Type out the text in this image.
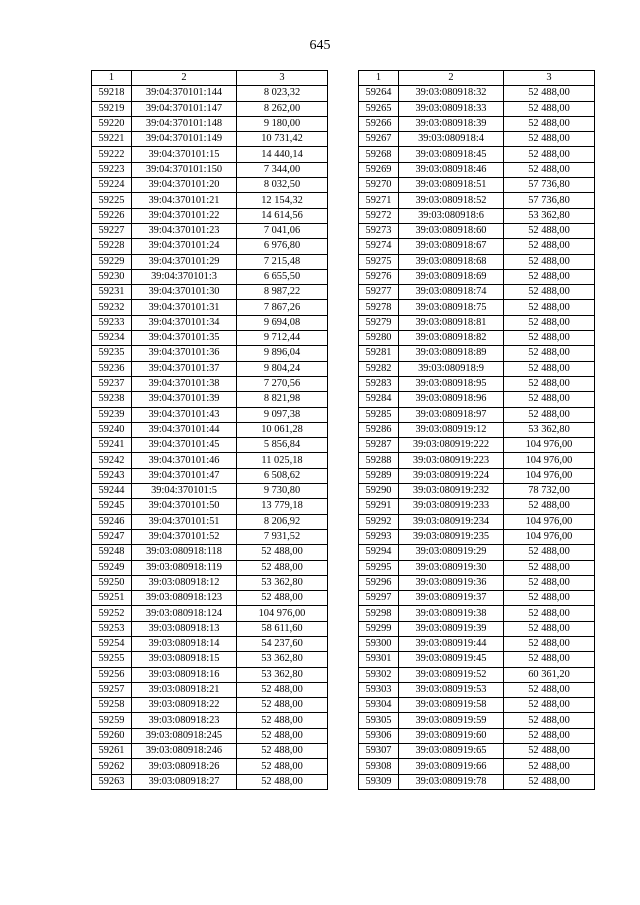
645
1	2	3
59218	39:04:370101:144	8 023,32
59219	39:04:370101:147	8 262,00
59220	39:04:370101:148	9 180,00
59221	39:04:370101:149	10 731,42
59222	39:04:370101:15	14 440,14
59223	39:04:370101:150	7 344,00
59224	39:04:370101:20	8 032,50
59225	39:04:370101:21	12 154,32
59226	39:04:370101:22	14 614,56
59227	39:04:370101:23	7 041,06
59228	39:04:370101:24	6 976,80
59229	39:04:370101:29	7 215,48
59230	39:04:370101:3	6 655,50
59231	39:04:370101:30	8 987,22
59232	39:04:370101:31	7 867,26
59233	39:04:370101:34	9 694,08
59234	39:04:370101:35	9 712,44
59235	39:04:370101:36	9 896,04
59236	39:04:370101:37	9 804,24
59237	39:04:370101:38	7 270,56
59238	39:04:370101:39	8 821,98
59239	39:04:370101:43	9 097,38
59240	39:04:370101:44	10 061,28
59241	39:04:370101:45	5 856,84
59242	39:04:370101:46	11 025,18
59243	39:04:370101:47	6 508,62
59244	39:04:370101:5	9 730,80
59245	39:04:370101:50	13 779,18
59246	39:04:370101:51	8 206,92
59247	39:04:370101:52	7 931,52
59248	39:03:080918:118	52 488,00
59249	39:03:080918:119	52 488,00
59250	39:03:080918:12	53 362,80
59251	39:03:080918:123	52 488,00
59252	39:03:080918:124	104 976,00
59253	39:03:080918:13	58 611,60
59254	39:03:080918:14	54 237,60
59255	39:03:080918:15	53 362,80
59256	39:03:080918:16	53 362,80
59257	39:03:080918:21	52 488,00
59258	39:03:080918:22	52 488,00
59259	39:03:080918:23	52 488,00
59260	39:03:080918:245	52 488,00
59261	39:03:080918:246	52 488,00
59262	39:03:080918:26	52 488,00
59263	39:03:080918:27	52 488,00
1	2	3
59264	39:03:080918:32	52 488,00
59265	39:03:080918:33	52 488,00
59266	39:03:080918:39	52 488,00
59267	39:03:080918:4	52 488,00
59268	39:03:080918:45	52 488,00
59269	39:03:080918:46	52 488,00
59270	39:03:080918:51	57 736,80
59271	39:03:080918:52	57 736,80
59272	39:03:080918:6	53 362,80
59273	39:03:080918:60	52 488,00
59274	39:03:080918:67	52 488,00
59275	39:03:080918:68	52 488,00
59276	39:03:080918:69	52 488,00
59277	39:03:080918:74	52 488,00
59278	39:03:080918:75	52 488,00
59279	39:03:080918:81	52 488,00
59280	39:03:080918:82	52 488,00
59281	39:03:080918:89	52 488,00
59282	39:03:080918:9	52 488,00
59283	39:03:080918:95	52 488,00
59284	39:03:080918:96	52 488,00
59285	39:03:080918:97	52 488,00
59286	39:03:080919:12	53 362,80
59287	39:03:080919:222	104 976,00
59288	39:03:080919:223	104 976,00
59289	39:03:080919:224	104 976,00
59290	39:03:080919:232	78 732,00
59291	39:03:080919:233	52 488,00
59292	39:03:080919:234	104 976,00
59293	39:03:080919:235	104 976,00
59294	39:03:080919:29	52 488,00
59295	39:03:080919:30	52 488,00
59296	39:03:080919:36	52 488,00
59297	39:03:080919:37	52 488,00
59298	39:03:080919:38	52 488,00
59299	39:03:080919:39	52 488,00
59300	39:03:080919:44	52 488,00
59301	39:03:080919:45	52 488,00
59302	39:03:080919:52	60 361,20
59303	39:03:080919:53	52 488,00
59304	39:03:080919:58	52 488,00
59305	39:03:080919:59	52 488,00
59306	39:03:080919:60	52 488,00
59307	39:03:080919:65	52 488,00
59308	39:03:080919:66	52 488,00
59309	39:03:080919:78	52 488,00
